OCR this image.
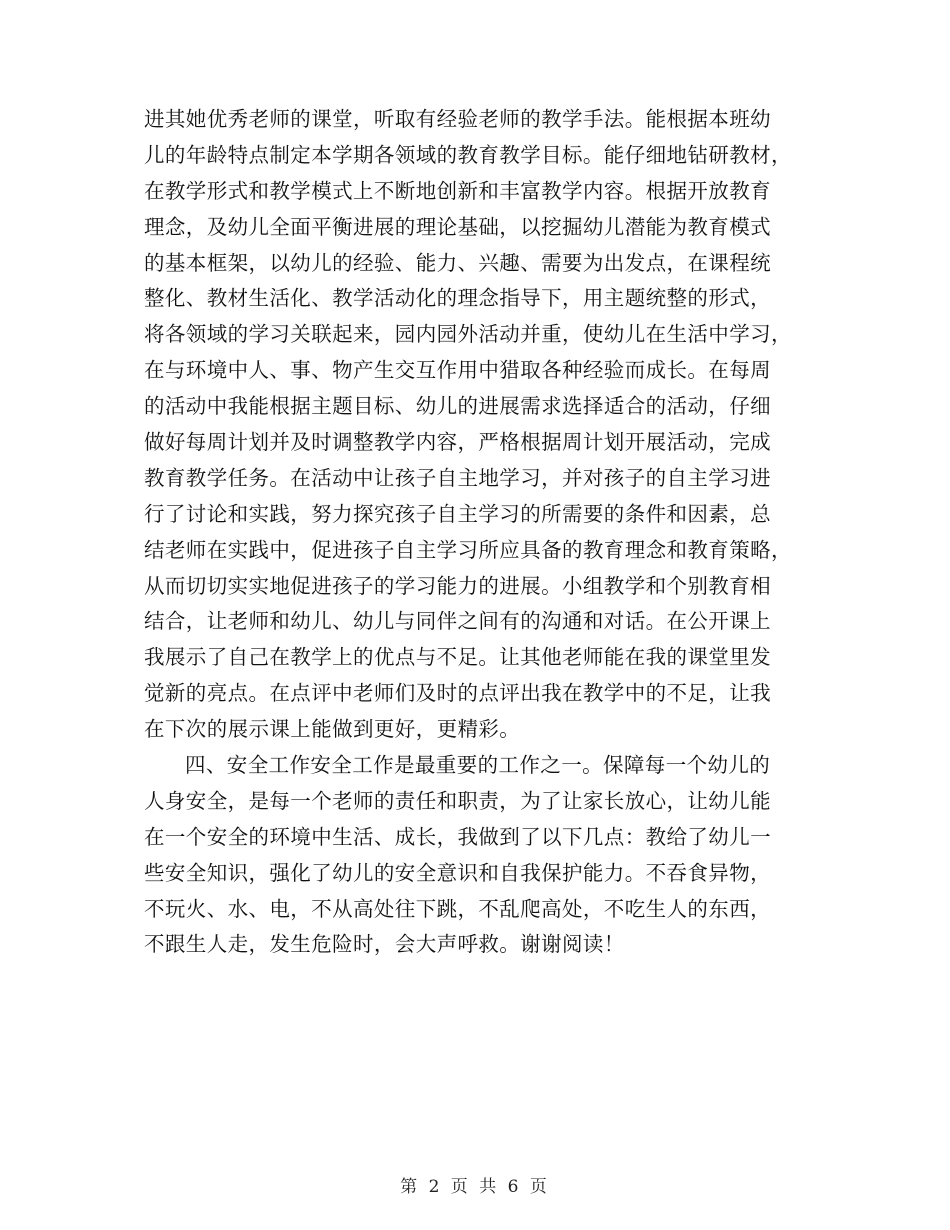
进其她优秀老师的课堂，听取有经验老师的教学手法。能根据本班幼
儿的年龄特点制定本学期各领域的教育教学目标。能仔细地钻研教材，
在教学形式和教学模式上不断地创新和丰富教学内容。根据开放教育
理念，及幼儿全面平衡进展的理论基础，以挖掘幼儿潜能为教育模式
的基本框架，以幼儿的经验、能力、兴趣、需要为出发点，在课程统
整化、教材生活化、教学活动化的理念指导下，用主题统整的形式，
将各领域的学习关联起来，园内园外活动并重，使幼儿在生活中学习，
在与环境中人、事、物产生交互作用中猎取各种经验而成长。在每周
的活动中我能根据主题目标、幼儿的进展需求选择适合的活动，仔细
做好每周计划并及时调整教学内容，严格根据周计划开展活动，完成
教育教学任务。在活动中让孩子自主地学习，并对孩子的自主学习进
行了讨论和实践，努力探究孩子自主学习的所需要的条件和因素，总
结老师在实践中，促进孩子自主学习所应具备的教育理念和教育策略，
从而切切实实地促进孩子的学习能力的进展。小组教学和个别教育相
结合，让老师和幼儿、幼儿与同伴之间有的沟通和对话。在公开课上
我展示了自己在教学上的优点与不足。让其他老师能在我的课堂里发
觉新的亮点。在点评中老师们及时的点评出我在教学中的不足，让我
在下次的展示课上能做到更好，更精彩。
四、安全工作安全工作是最重要的工作之一。保障每一个幼儿的
人身安全，是每一个老师的责任和职责，为了让家长放心，让幼儿能
在一个安全的环境中生活、成长，我做到了以下几点：教给了幼儿一
些安全知识，强化了幼儿的安全意识和自我保护能力。不吞食异物，
不玩火、水、电，不从高处往下跳，不乱爬高处，不吃生人的东西，
不跟生人走，发生危险时，会大声呼救。谢谢阅读！
第 2 页 共 6 页
